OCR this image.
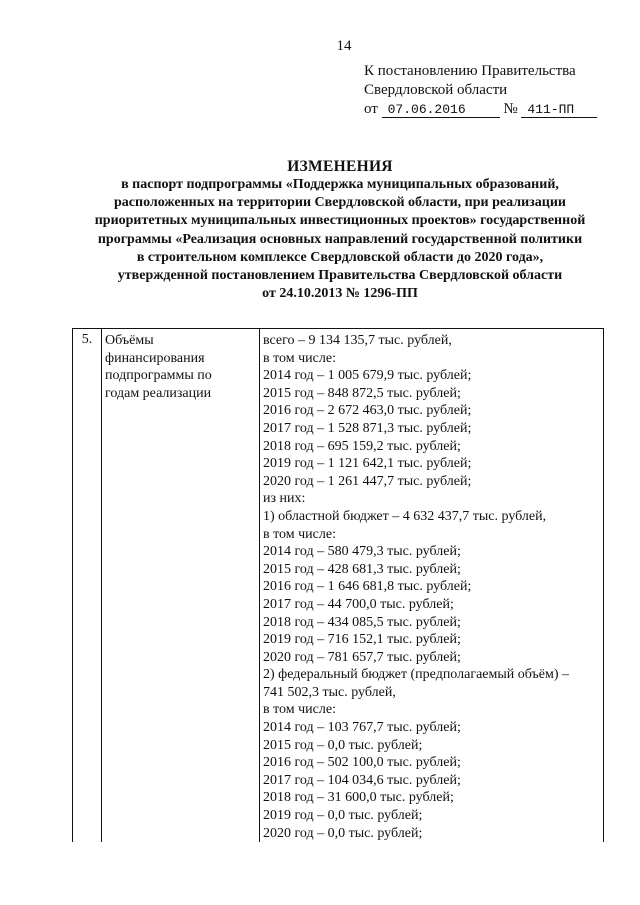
14
К постановлению Правительства
Свердловской области
от 07.06.2016	№ 411-ПП
ИЗМЕНЕНИЯ
в паспорт подпрограммы «Поддержка муниципальных образований,
расположенных на территории Свердловской области, при реализации
приоритетных муниципальных инвестиционных проектов» государственной
программы «Реализация основных направлений государственной политики
в строительном комплексе Свердловской области до 2020 года»,
утвержденной постановлением Правительства Свердловской области
от 24.10.2013 № 1296-ПП
5.	Объёмы
финансирования
подпрограммы по
годам реализации

всего – 9 134 135,7 тыс. рублей,
в том числе:
2014 год – 1 005 679,9 тыс. рублей;
2015 год – 848 872,5 тыс. рублей;
2016 год – 2 672 463,0 тыс. рублей;
2017 год – 1 528 871,3 тыс. рублей;
2018 год – 695 159,2 тыс. рублей;
2019 год – 1 121 642,1 тыс. рублей;
2020 год – 1 261 447,7 тыс. рублей;
из них:
1) областной бюджет – 4 632 437,7 тыс. рублей,
в том числе:
2014 год – 580 479,3 тыс. рублей;
2015 год – 428 681,3 тыс. рублей;
2016 год – 1 646 681,8 тыс. рублей;
2017 год – 44 700,0 тыс. рублей;
2018 год – 434 085,5 тыс. рублей;
2019 год – 716 152,1 тыс. рублей;
2020 год – 781 657,7 тыс. рублей;
2) федеральный бюджет (предполагаемый объём) –
741 502,3 тыс. рублей,
в том числе:
2014 год – 103 767,7 тыс. рублей;
2015 год – 0,0 тыс. рублей;
2016 год – 502 100,0 тыс. рублей;
2017 год – 104 034,6 тыс. рублей;
2018 год – 31 600,0 тыс. рублей;
2019 год – 0,0 тыс. рублей;
2020 год – 0,0 тыс. рублей;
